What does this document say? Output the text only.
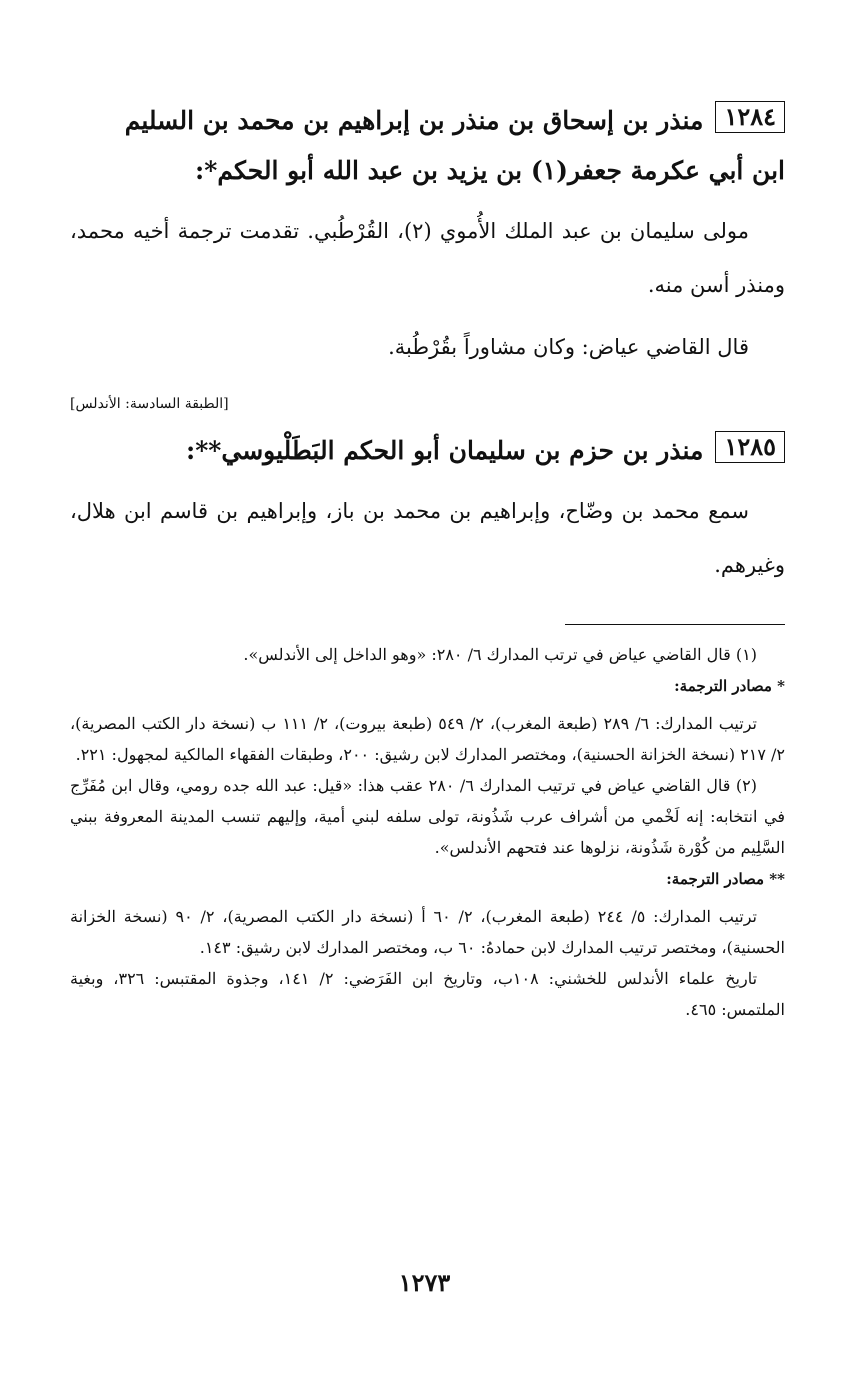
١٢٨٤منذر بن إسحاق بن منذر بن إبراهيم بن محمد بن السليم
ابن أبي عكرمة جعفر(١) بن يزيد بن عبد الله أبو الحكم*:

مولى سليمان بن عبد الملك الأُموي (٢)، القُرْطُبي. تقدمت ترجمة أخيه محمد، ومنذر أسن منه.

قال القاضي عياض: وكان مشاوراً بقُرْطُبة.

[الطبقة السادسة: الأندلس]

١٢٨٥منذر بن حزم بن سليمان أبو الحكم البَطَلْيوسي**:

سمع محمد بن وضّاح، وإبراهيم بن محمد بن باز، وإبراهيم بن قاسم ابن هلال، وغيرهم.

(١) قال القاضي عياض في ترتب المدارك ٦/ ٢٨٠: «وهو الداخل إلى الأندلس».

* مصادر الترجمة:

ترتيب المدارك: ٦/ ٢٨٩ (طبعة المغرب)، ٢/ ٥٤٩ (طبعة بيروت)، ٢/ ١١١ ب (نسخة دار الكتب المصرية)، ٢/ ٢١٧ (نسخة الخزانة الحسنية)، ومختصر المدارك لابن رشيق: ٢٠٠، وطبقات الفقهاء المالكية لمجهول: ٢٢١.

(٢) قال القاضي عياض في ترتيب المدارك ٦/ ٢٨٠ عقب هذا: «قيل: عبد الله جده رومي، وقال ابن مُفَرِّج في انتخابه: إنه لَخْمي من أشراف عرب شَذُونة، تولى سلفه لبني أمية، وإليهم تنسب المدينة المعروفة ببني السَّلِيم من كُوْرة شَذُونة، نزلوها عند فتحهم الأندلس».

** مصادر الترجمة:

ترتيب المدارك: ٥/ ٢٤٤ (طبعة المغرب)، ٢/ ٦٠ أ (نسخة دار الكتب المصرية)، ٢/ ٩٠ (نسخة الخزانة الحسنية)، ومختصر ترتيب المدارك لابن حمادهُ: ٦٠ ب، ومختصر المدارك لابن رشيق: ١٤٣.

تاريخ علماء الأندلس للخشني: ١٠٨ب، وتاريخ ابن الفَرَضي: ٢/ ١٤١، وجذوة المقتبس: ٣٢٦، وبغية الملتمس: ٤٦٥.

١٢٧٣
